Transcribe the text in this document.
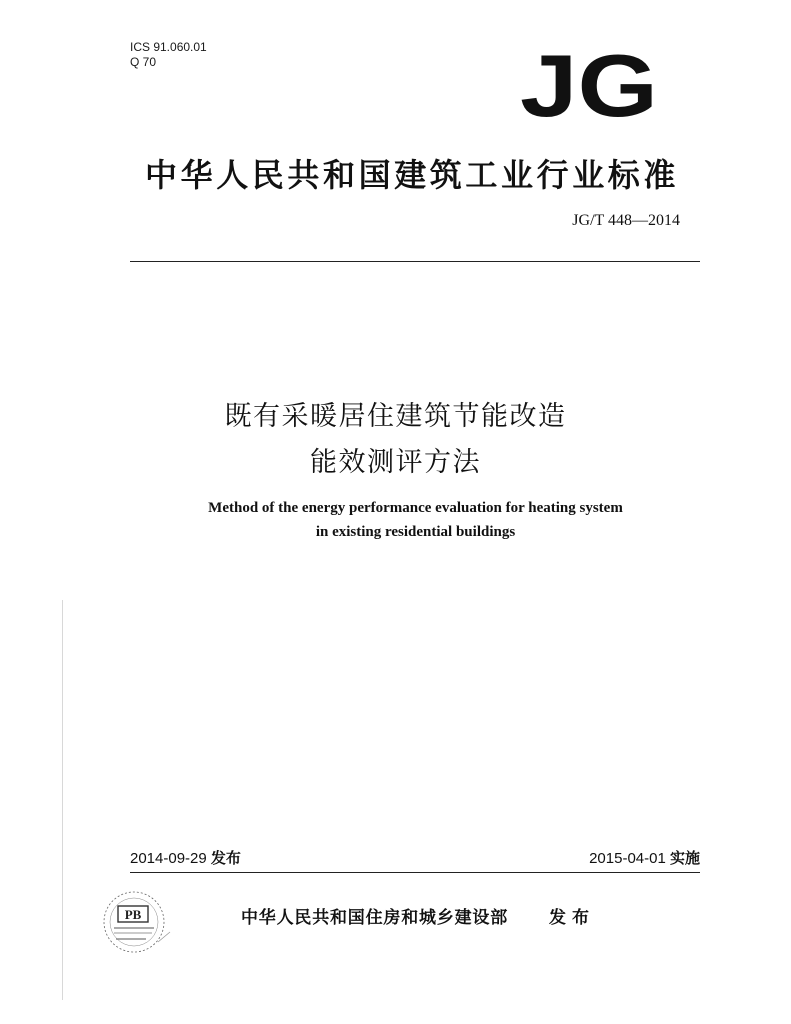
ICS 91.060.01
Q 70	JG
中华人民共和国建筑工业行业标准
JG/T 448—2014
既有采暖居住建筑节能改造
能效测评方法
Method of the energy performance evaluation for heating system
in existing residential buildings
2014-09-29 发布	2015-04-01 实施
PB	中华人民共和国住房和城乡建设部 发布
